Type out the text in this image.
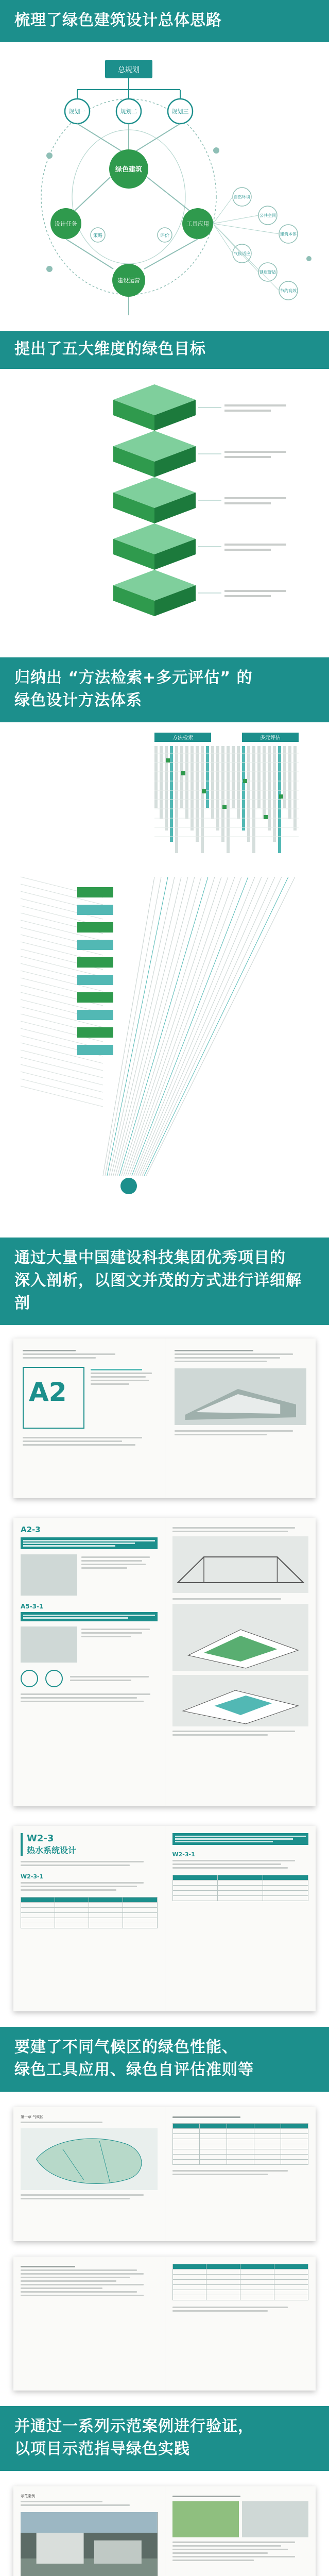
梳理了绿色建筑设计总体思路
总规划
规划一	规划二	规划三
绿色建筑
设计任务	工具应用
策略	评价
建设运营
自然环境
公共空间
建筑本体
气候适应
健康舒适
节约高效
提出了五大维度的绿色目标
归纳出 “方法检索+多元评估” 的
绿色设计方法体系
方法检索	多元评估
通过大量中国建设科技集团优秀项目的
深入剖析，以图文并茂的方式进行详细解剖
A2
A2-3
A5-3-1
W2-3
热水系统设计
W2-3-1

W2-3-1

要建了不同气候区的绿色性能、
绿色工具应用、绿色自评估准则等
第一章 气候区

并通过一系列示范案例进行验证，
以项目示范指导绿色实践
示范案例
